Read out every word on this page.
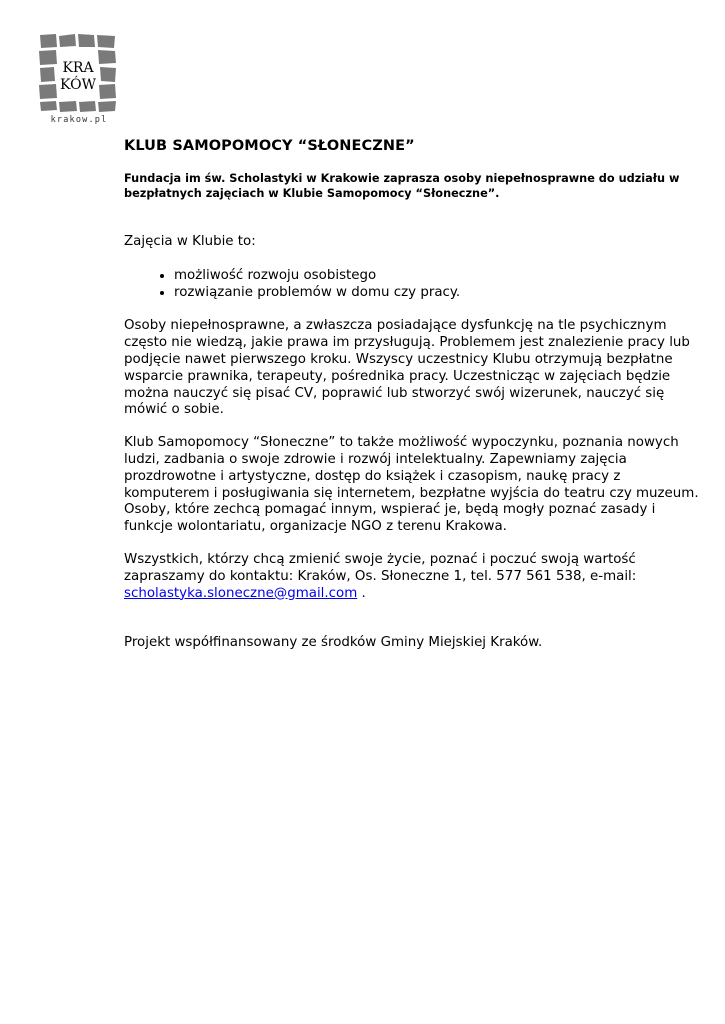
KRA
KÓW
krakow.pl
KLUB SAMOPOMOCY “SŁONECZNE”
Fundacja im św. Scholastyki w Krakowie zaprasza osoby niepełnosprawne do udziału w bezpłatnych zajęciach w Klubie Samopomocy “Słoneczne”.

Zajęcia w Klubie to:

• możliwość rozwoju osobistego
• rozwiązanie problemów w domu czy pracy.

Osoby niepełnosprawne, a zwłaszcza posiadające dysfunkcję na tle psychicznym często nie wiedzą, jakie prawa im przysługują. Problemem jest znalezienie pracy lub podjęcie nawet pierwszego kroku. Wszyscy uczestnicy Klubu otrzymują bezpłatne wsparcie prawnika, terapeuty, pośrednika pracy. Uczestnicząc w zajęciach będzie można nauczyć się pisać CV, poprawić lub stworzyć swój wizerunek, nauczyć się mówić o sobie.

Klub Samopomocy “Słoneczne” to także możliwość wypoczynku, poznania nowych ludzi, zadbania o swoje zdrowie i rozwój intelektualny. Zapewniamy zajęcia prozdrowotne i artystyczne, dostęp do książek i czasopism, naukę pracy z komputerem i posługiwania się internetem, bezpłatne wyjścia do teatru czy muzeum. Osoby, które zechcą pomagać innym, wspierać je, będą mogły poznać zasady i funkcje wolontariatu, organizacje NGO z terenu Krakowa.

Wszystkich, którzy chcą zmienić swoje życie, poznać i poczuć swoją wartość zapraszamy do kontaktu: Kraków, Os. Słoneczne 1, tel. 577 561 538, e-mail: scholastyka.sloneczne@gmail.com .

Projekt współfinansowany ze środków Gminy Miejskiej Kraków.
